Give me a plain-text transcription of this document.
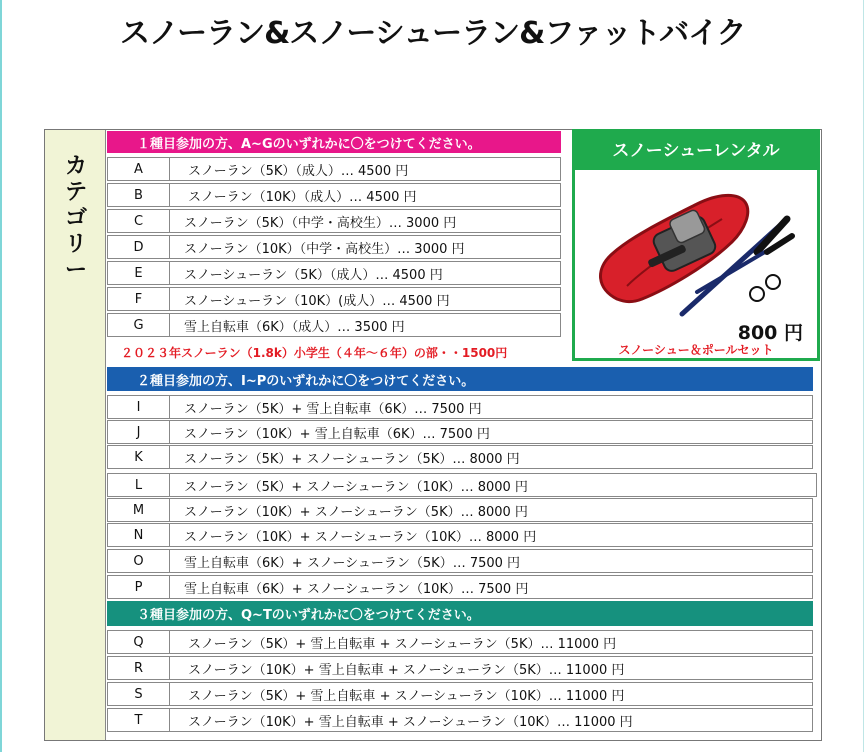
スノーラン&スノーシューラン&ファットバイク
カテゴリー
１種目参加の方、A~Gのいずれかに〇をつけてください。
A	スノーラン（5K）（成人）… 4500 円
B	スノーラン（10K）（成人）… 4500 円
C	スノーラン（5K）（中学・高校生）… 3000 円
D	スノーラン（10K）（中学・高校生）… 3000 円
E	スノーシューラン（5K）（成人）… 4500 円
F	スノーシューラン（10K）(成人）… 4500 円
G	雪上自転車（6K）（成人）… 3500 円
２０２３年スノーラン（1.8k）小学生（４年〜６年）の部・・1500円
スノーシューレンタル
800 円
スノーシュー＆ポールセット
２種目参加の方、I~Pのいずれかに〇をつけてください。
I	スノーラン（5K）+ 雪上自転車（6K）… 7500 円
J	スノーラン（10K）+ 雪上自転車（6K）… 7500 円
K	スノーラン（5K）+ スノーシューラン（5K）… 8000 円
L	スノーラン（5K）+ スノーシューラン（10K）… 8000 円
M	スノーラン（10K）+ スノーシューラン（5K）… 8000 円
N	スノーラン（10K）+ スノーシューラン（10K）… 8000 円
O	雪上自転車（6K）+ スノーシューラン（5K）… 7500 円
P	雪上自転車（6K）+ スノーシューラン（10K）… 7500 円
３種目参加の方、Q~Tのいずれかに〇をつけてください。
Q	スノーラン（5K）+ 雪上自転車 + スノーシューラン（5K）… 11000 円
R	スノーラン（10K）+ 雪上自転車 + スノーシューラン（5K）… 11000 円
S	スノーラン（5K）+ 雪上自転車 + スノーシューラン（10K）… 11000 円
T	スノーラン（10K）+ 雪上自転車 + スノーシューラン（10K）… 11000 円
